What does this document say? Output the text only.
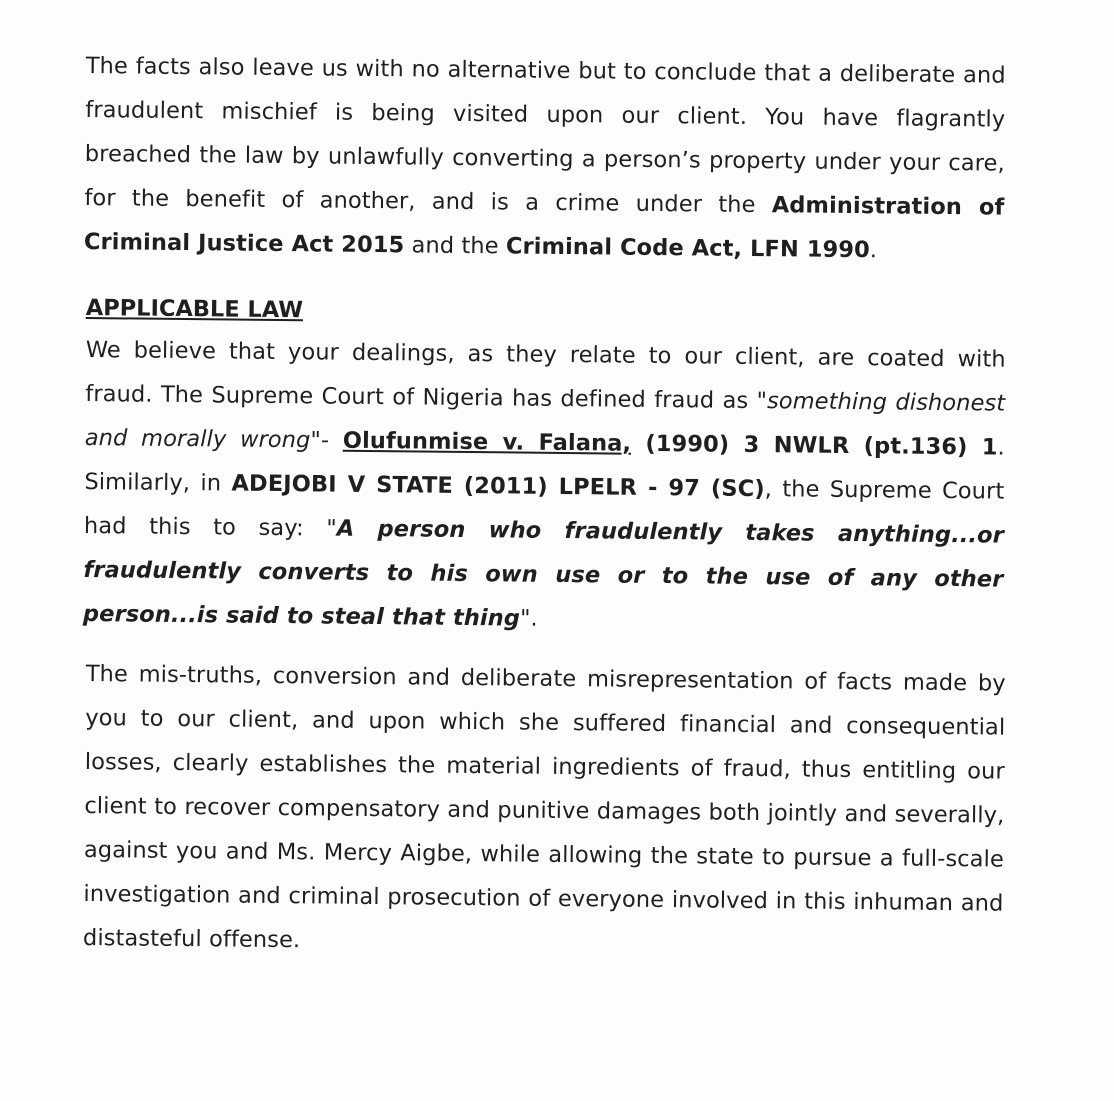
The facts also leave us with no alternative but to conclude that a deliberate and fraudulent mischief is being visited upon our client. You have flagrantly breached the law by unlawfully converting a person’s property under your care, for the benefit of another, and is a crime under the Administration of Criminal Justice Act 2015 and the Criminal Code Act, LFN 1990.

APPLICABLE LAW

We believe that your dealings, as they relate to our client, are coated with fraud. The Supreme Court of Nigeria has defined fraud as "something dishonest and morally wrong"- Olufunmise v. Falana, (1990) 3 NWLR (pt.136) 1. Similarly, in ADEJOBI V STATE (2011) LPELR - 97 (SC), the Supreme Court had this to say: "A person who fraudulently takes anything...or fraudulently converts to his own use or to the use of any other person...is said to steal that thing".

The mis-truths, conversion and deliberate misrepresentation of facts made by you to our client, and upon which she suffered financial and consequential losses, clearly establishes the material ingredients of fraud, thus entitling our client to recover compensatory and punitive damages both jointly and severally, against you and Ms. Mercy Aigbe, while allowing the state to pursue a full-scale investigation and criminal prosecution of everyone involved in this inhuman and distasteful offense.
